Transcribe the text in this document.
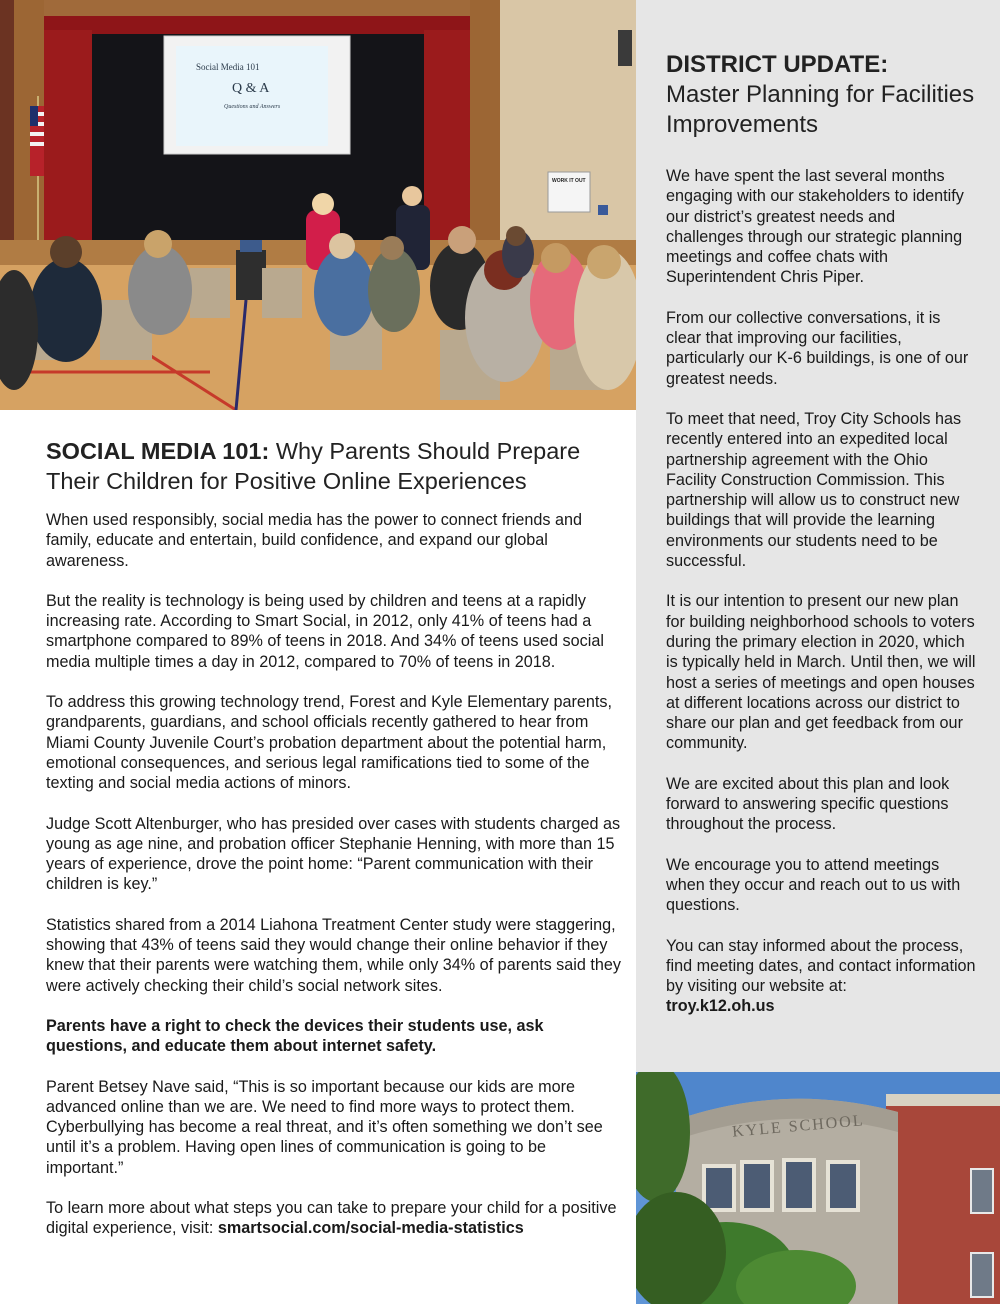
Social Media 101
Q & A
Questions and Answers
WORK IT OUT
SOCIAL MEDIA 101: Why Parents Should Prepare Their Children for Positive Online Experiences

When used responsibly, social media has the power to connect friends and family, educate and entertain, build confidence, and expand our global awareness.

But the reality is technology is being used by children and teens at a rapidly increasing rate. According to Smart Social, in 2012, only 41% of teens had a smartphone compared to 89% of teens in 2018. And 34% of teens used social media multiple times a day in 2012, compared to 70% of teens in 2018.

To address this growing technology trend, Forest and Kyle Elementary parents, grandparents, guardians, and school officials recently gathered to hear from Miami County Juvenile Court’s probation department about the potential harm, emotional consequences, and serious legal ramifications tied to some of the texting and social media actions of minors.

Judge Scott Altenburger, who has presided over cases with students charged as young as age nine, and probation officer Stephanie Henning, with more than 15 years of experience, drove the point home: “Parent communication with their children is key.”

Statistics shared from a 2014 Liahona Treatment Center study were staggering, showing that 43% of teens said they would change their online behavior if they knew that their parents were watching them, while only 34% of parents said they were actively checking their child’s social network sites.

Parents have a right to check the devices their students use, ask questions, and educate them about internet safety.

Parent Betsey Nave said, “This is so important because our kids are more advanced online than we are. We need to find more ways to protect them. Cyberbullying has become a real threat, and it’s often something we don’t see until it’s a problem. Having open lines of communication is going to be important.”

To learn more about what steps you can take to prepare your child for a positive digital experience, visit: smartsocial.com/social-media-statistics

DISTRICT UPDATE:
Master Planning for Facilities Improvements

We have spent the last several months engaging with our stakeholders to identify our district’s greatest needs and challenges through our strategic planning meetings and coffee chats with Superintendent Chris Piper.

From our collective conversations, it is clear that improving our facilities, particularly our K-6 buildings, is one of our greatest needs.

To meet that need, Troy City Schools has recently entered into an expedited local partnership agreement with the Ohio Facility Construction Commission. This partnership will allow us to construct new buildings that will provide the learning environments our students need to be successful.

It is our intention to present our new plan for building neighborhood schools to voters during the primary election in 2020, which is typically held in March. Until then, we will host a series of meetings and open houses at different locations across our district to share our plan and get feedback from our community.

We are excited about this plan and look forward to answering specific questions throughout the process.

We encourage you to attend meetings when they occur and reach out to us with questions.

You can stay informed about the process, find meeting dates, and contact information by visiting our website at:
troy.k12.oh.us

KYLE SCHOOL
